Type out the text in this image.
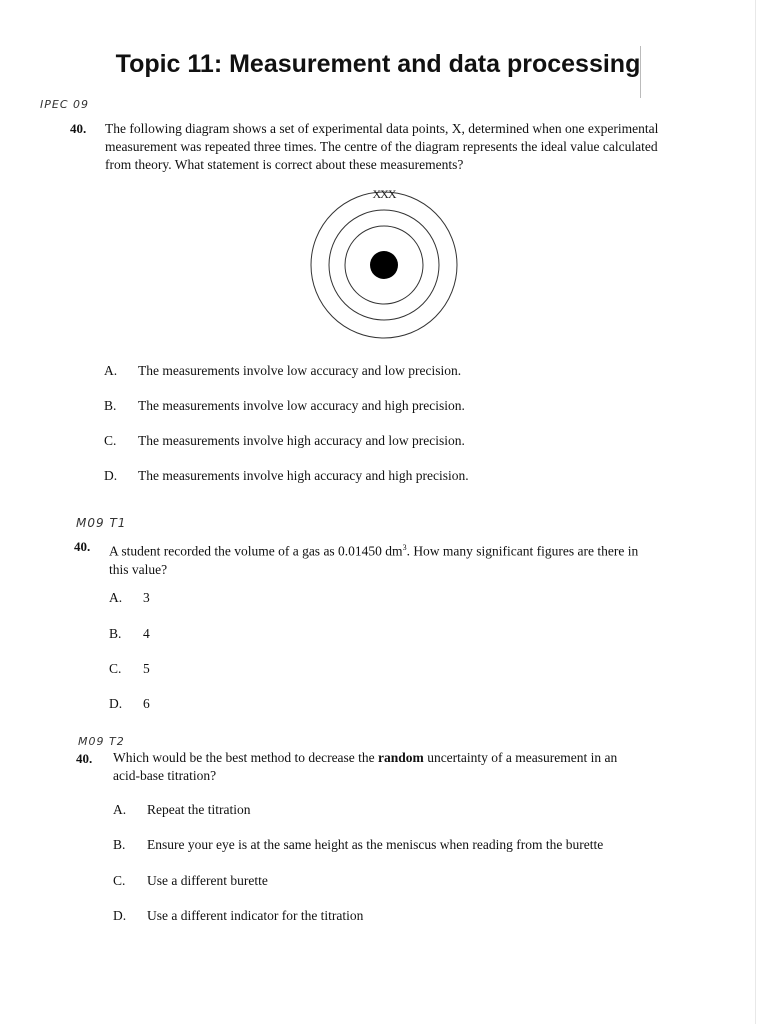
Topic 11: Measurement and data processing
IPEC 09
40. The following diagram shows a set of experimental data points, X, determined when one experimental
measurement was repeated three times. The centre of the diagram represents the ideal value calculated
from theory. What statement is correct about these measurements?
XXX
A.	The measurements involve low accuracy and low precision.
B.	The measurements involve low accuracy and high precision.
C.	The measurements involve high accuracy and low precision.
D.	The measurements involve high accuracy and high precision.
M09 T1
40. A student recorded the volume of a gas as 0.01450 $dm^3$. How many significant figures are there in
this value?
A.	3
B.	4
C.	5
D.	6
M09 T2
40. Which would be the best method to decrease the random uncertainty of a measurement in an
acid-base titration?
A.	Repeat the titration
B.	Ensure your eye is at the same height as the meniscus when reading from the burette
C.	Use a different burette
D.	Use a different indicator for the titration
